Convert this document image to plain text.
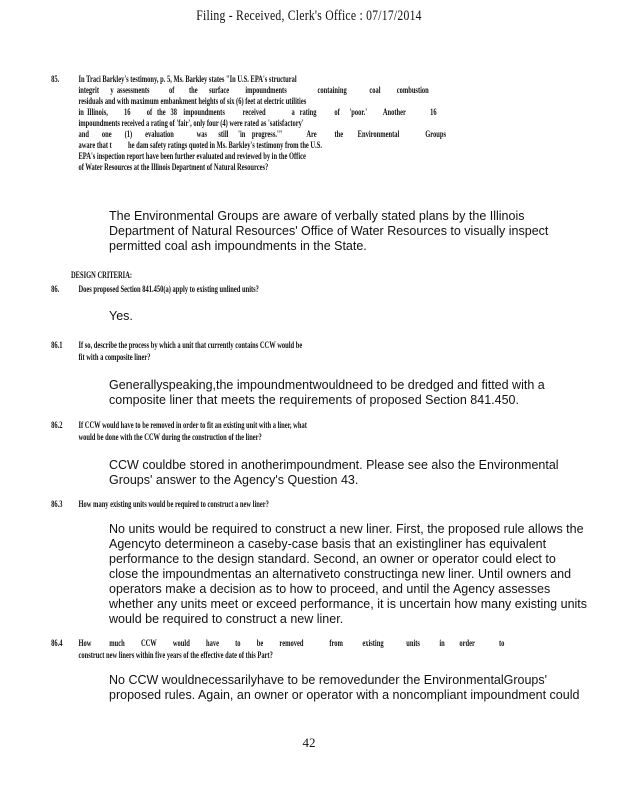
Filing - Received, Clerk's Office : 07/17/2014
85. In Traci Barkley's testimony, p. 5, Ms. Barkley states "In U.S. EPA's structural
integrit       y  assessments            of         the       surface          impoundments                   containing              coal          combustion
residuals and with maximum embankment heights of six (6) feet at electric utilities
in  Illinois,          16          of   the   38    impoundments           received                a   rating           of      'poor.'          Another               16
impoundments received a rating of 'fair', only four (4) were rated as 'satisfactory'
and        one        (1)        evaluation              was       still      'in    progress.'"               Are           the         Environmental                Groups
aware that t          he dam safety ratings quoted in Ms. Barkley's testimony from the U.S.
EPA's inspection report have been further evaluated and reviewed by in the Office
of Water Resources at the Illinois Department of Natural Resources?
The Environmental Groups are aware of verbally stated plans by the Illinois Department of Natural Resources' Office of Water Resources to visually inspect permitted coal ash impoundments in the State.
DESIGN CRITERIA:
86. Does proposed Section 841.450(a) apply to existing unlined units?
Yes.
86.1 If so, describe the process by which a unit that currently contains CCW would be
fit with a composite liner?
Generallyspeaking,the impoundmentwouldneed to be dredged and fitted with a composite liner that meets the requirements of proposed Section 841.450.
86.2 If CCW would have to be removed in order to fit an existing unit with a liner, what
would be done with the CCW during the construction of the liner?
CCW couldbe stored in anotherimpoundment. Please see also the Environmental Groups' answer to the Agency's Question 43.
86.3 How many existing units would be required to construct a new liner?
No units would be required to construct a new liner. First, the proposed rule allows the Agencyto determineon a caseby-case basis that an existingliner has equivalent performance to the design standard. Second, an owner or operator could elect to close the impoundmentas an alternativeto constructinga new liner. Until owners and operators make a decision as to how to proceed, and until the Agency assesses whether any units meet or exceed performance, it is uncertain how many existing units would be required to construct a new liner.
86.4 How           much          CCW          would          have          to          be          removed                from            existing              units            in         order               to
construct new liners within five years of the effective date of this Part?
No CCW wouldnecessarilyhave to be removedunder the EnvironmentalGroups' proposed rules. Again, an owner or operator with a noncompliant impoundment could
42
